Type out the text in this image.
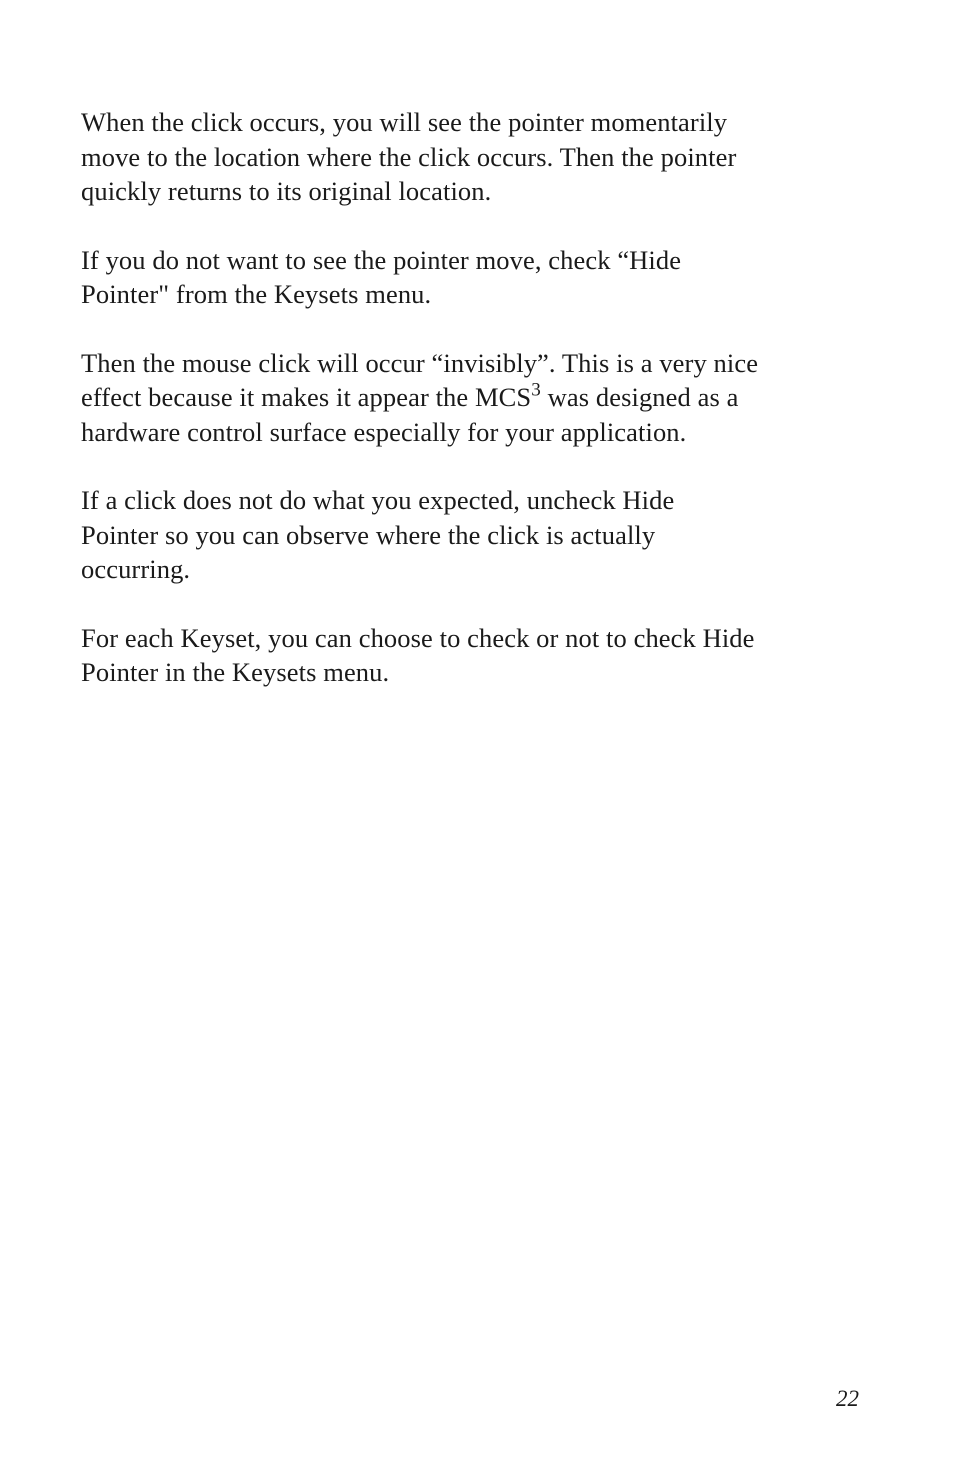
When the click occurs, you will see the pointer momentarily
move to the location where the click occurs. Then the pointer
quickly returns to its original location.

If you do not want to see the pointer move, check “Hide
Pointer" from the Keysets menu.

Then the mouse click will occur “invisibly”. This is a very nice
effect because it makes it appear the MCS$^3$ was designed as a
hardware control surface especially for your application.

If a click does not do what you expected, uncheck Hide
Pointer so you can observe where the click is actually
occurring.

For each Keyset, you can choose to check or not to check Hide
Pointer in the Keysets menu.

22
